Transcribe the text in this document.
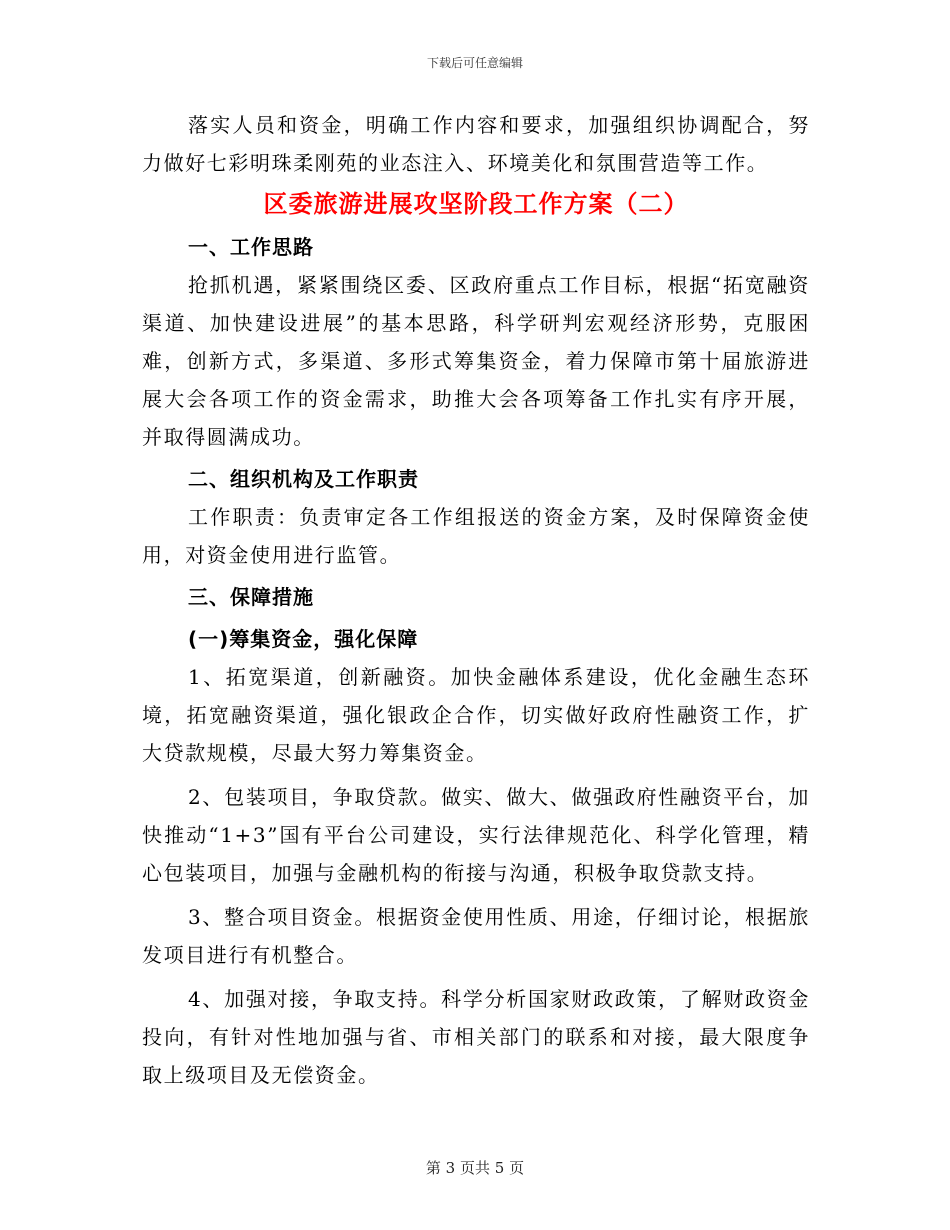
下载后可任意编辑

落实人员和资金，明确工作内容和要求，加强组织协调配合，努力做好七彩明珠柔刚苑的业态注入、环境美化和氛围营造等工作。

区委旅游进展攻坚阶段工作方案（二）
一、工作思路

抢抓机遇，紧紧围绕区委、区政府重点工作目标，根据“拓宽融资渠道、加快建设进展”的基本思路，科学研判宏观经济形势，克服困难，创新方式，多渠道、多形式筹集资金，着力保障市第十届旅游进展大会各项工作的资金需求，助推大会各项筹备工作扎实有序开展，并取得圆满成功。

二、组织机构及工作职责

工作职责：负责审定各工作组报送的资金方案，及时保障资金使用，对资金使用进行监管。

三、保障措施
(一)筹集资金，强化保障

1、拓宽渠道，创新融资。加快金融体系建设，优化金融生态环境，拓宽融资渠道，强化银政企合作，切实做好政府性融资工作，扩大贷款规模，尽最大努力筹集资金。

2、包装项目，争取贷款。做实、做大、做强政府性融资平台，加快推动“1+3”国有平台公司建设，实行法律规范化、科学化管理，精心包装项目，加强与金融机构的衔接与沟通，积极争取贷款支持。

3、整合项目资金。根据资金使用性质、用途，仔细讨论，根据旅发项目进行有机整合。

4、加强对接，争取支持。科学分析国家财政政策，了解财政资金投向，有针对性地加强与省、市相关部门的联系和对接，最大限度争取上级项目及无偿资金。

第 3 页共 5 页
